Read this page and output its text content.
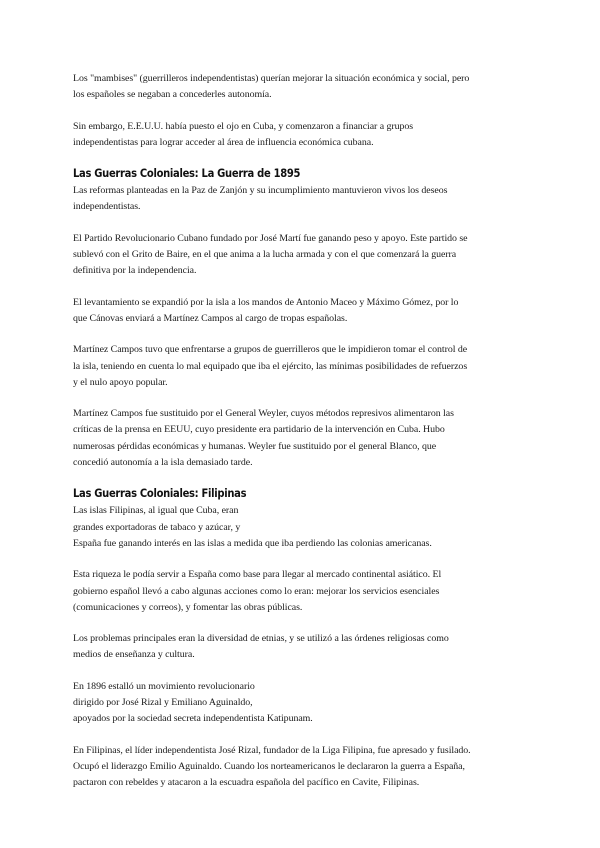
Los "mambises" (guerrilleros independentistas) querían mejorar la situación económica y social, pero
los españoles se negaban a concederles autonomía.
Sin embargo, E.E.U.U. había puesto el ojo en Cuba, y comenzaron a financiar a grupos
independentistas para lograr acceder al área de influencia económica cubana.
Las Guerras Coloniales: La Guerra de 1895
Las reformas planteadas en la Paz de Zanjón y su incumplimiento mantuvieron vivos los deseos
independentistas.
El Partido Revolucionario Cubano fundado por José Martí fue ganando peso y apoyo. Este partido se
sublevó con el Grito de Baire, en el que anima a la lucha armada y con el que comenzará la guerra
definitiva por la independencia.
El levantamiento se expandió por la isla a los mandos de Antonio Maceo y Máximo Gómez, por lo
que Cánovas enviará a Martínez Campos al cargo de tropas españolas.
Martínez Campos tuvo que enfrentarse a grupos de guerrilleros que le impidieron tomar el control de
la isla, teniendo en cuenta lo mal equipado que iba el ejército, las mínimas posibilidades de refuerzos
y el nulo apoyo popular.
Martínez Campos fue sustituido por el General Weyler, cuyos métodos represivos alimentaron las
críticas de la prensa en EEUU, cuyo presidente era partidario de la intervención en Cuba. Hubo
numerosas pérdidas económicas y humanas. Weyler fue sustituido por el general Blanco, que
concedió autonomía a la isla demasiado tarde.
Las Guerras Coloniales: Filipinas
Las islas Filipinas, al igual que Cuba, eran
grandes exportadoras de tabaco y azúcar, y
España fue ganando interés en las islas a medida que iba perdiendo las colonias americanas.
Esta riqueza le podía servir a España como base para llegar al mercado continental asiático. El
gobierno español llevó a cabo algunas acciones como lo eran: mejorar los servicios esenciales
(comunicaciones y correos), y fomentar las obras públicas.
Los problemas principales eran la diversidad de etnias, y se utilizó a las órdenes religiosas como
medios de enseñanza y cultura.
En 1896 estalló un movimiento revolucionario
dirigido por José Rizal y Emiliano Aguinaldo,
apoyados por la sociedad secreta independentista Katipunam.
En Filipinas, el líder independentista José Rizal, fundador de la Liga Filipina, fue apresado y fusilado.
Ocupó el liderazgo Emilio Aguinaldo. Cuando los norteamericanos le declararon la guerra a España,
pactaron con rebeldes y atacaron a la escuadra española del pacífico en Cavite, Filipinas.
